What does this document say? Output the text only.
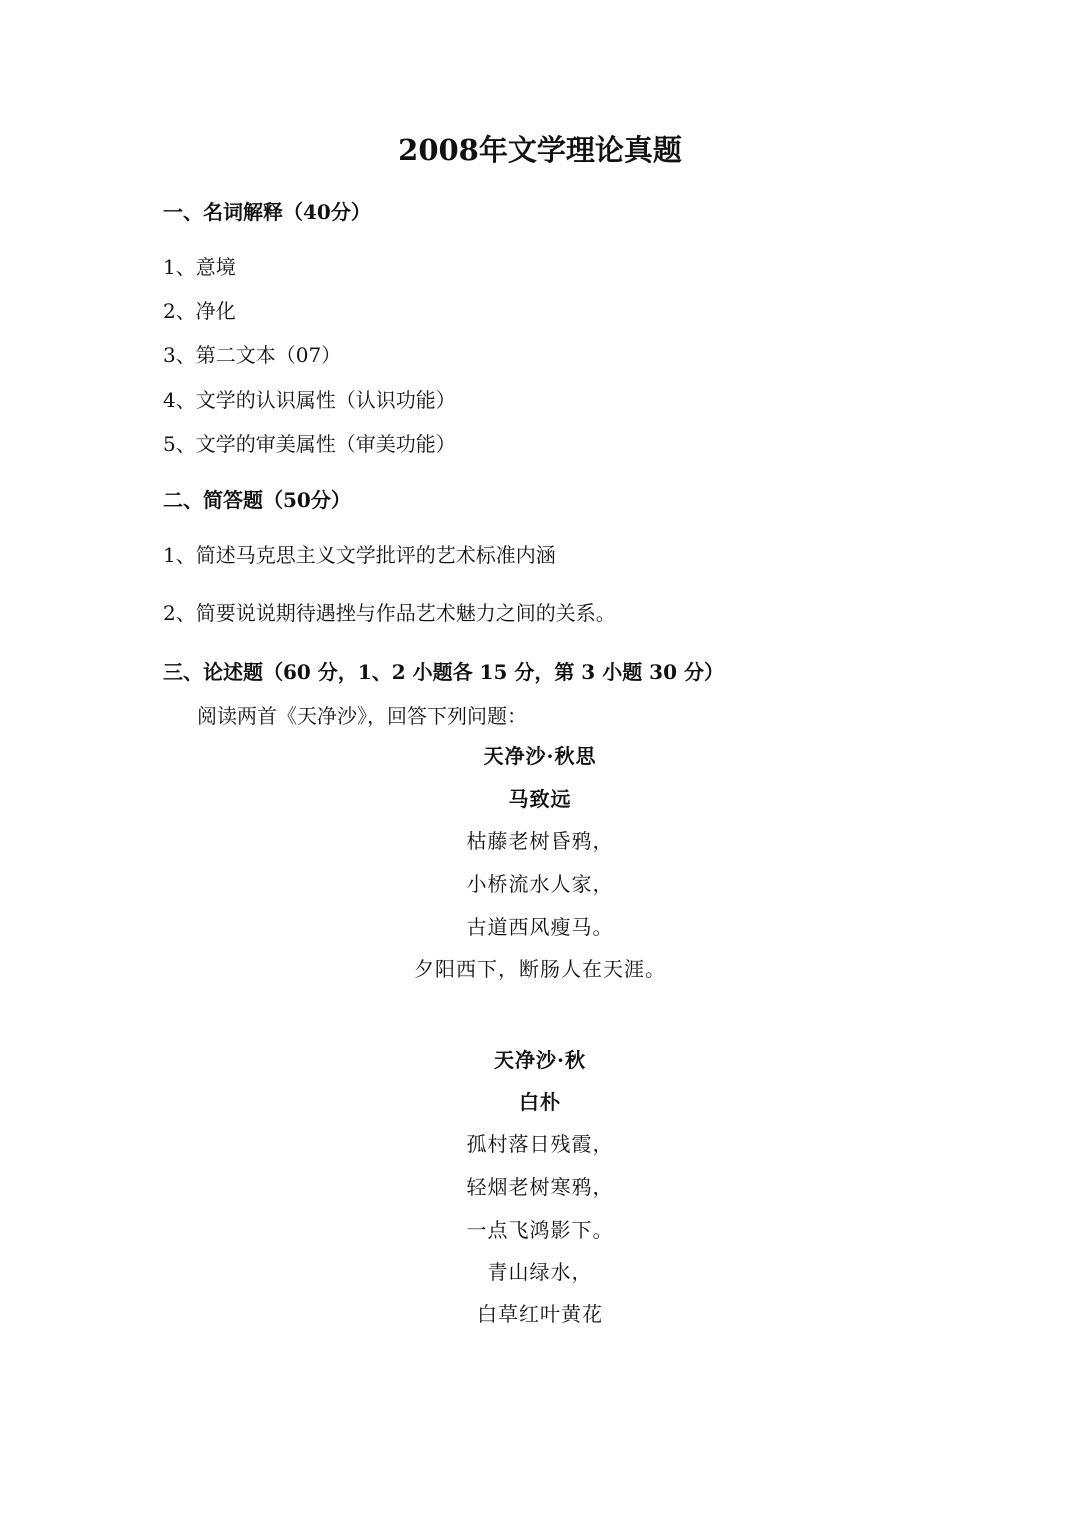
2008年文学理论真题
一、名词解释（40分）
1、意境
2、净化
3、第二文本（07）
4、文学的认识属性（认识功能）
5、文学的审美属性（审美功能）
二、简答题（50分）
1、简述马克思主义文学批评的艺术标准内涵
2、简要说说期待遇挫与作品艺术魅力之间的关系。
三、论述题（60 分，1、2 小题各 15 分，第 3 小题 30 分）
阅读两首《天净沙》，回答下列问题：
天净沙·秋思
马致远
枯藤老树昏鸦，
小桥流水人家，
古道西风瘦马。
夕阳西下，断肠人在天涯。
天净沙·秋
白朴
孤村落日残霞，
轻烟老树寒鸦，
一点飞鸿影下。
青山绿水，
白草红叶黄花
